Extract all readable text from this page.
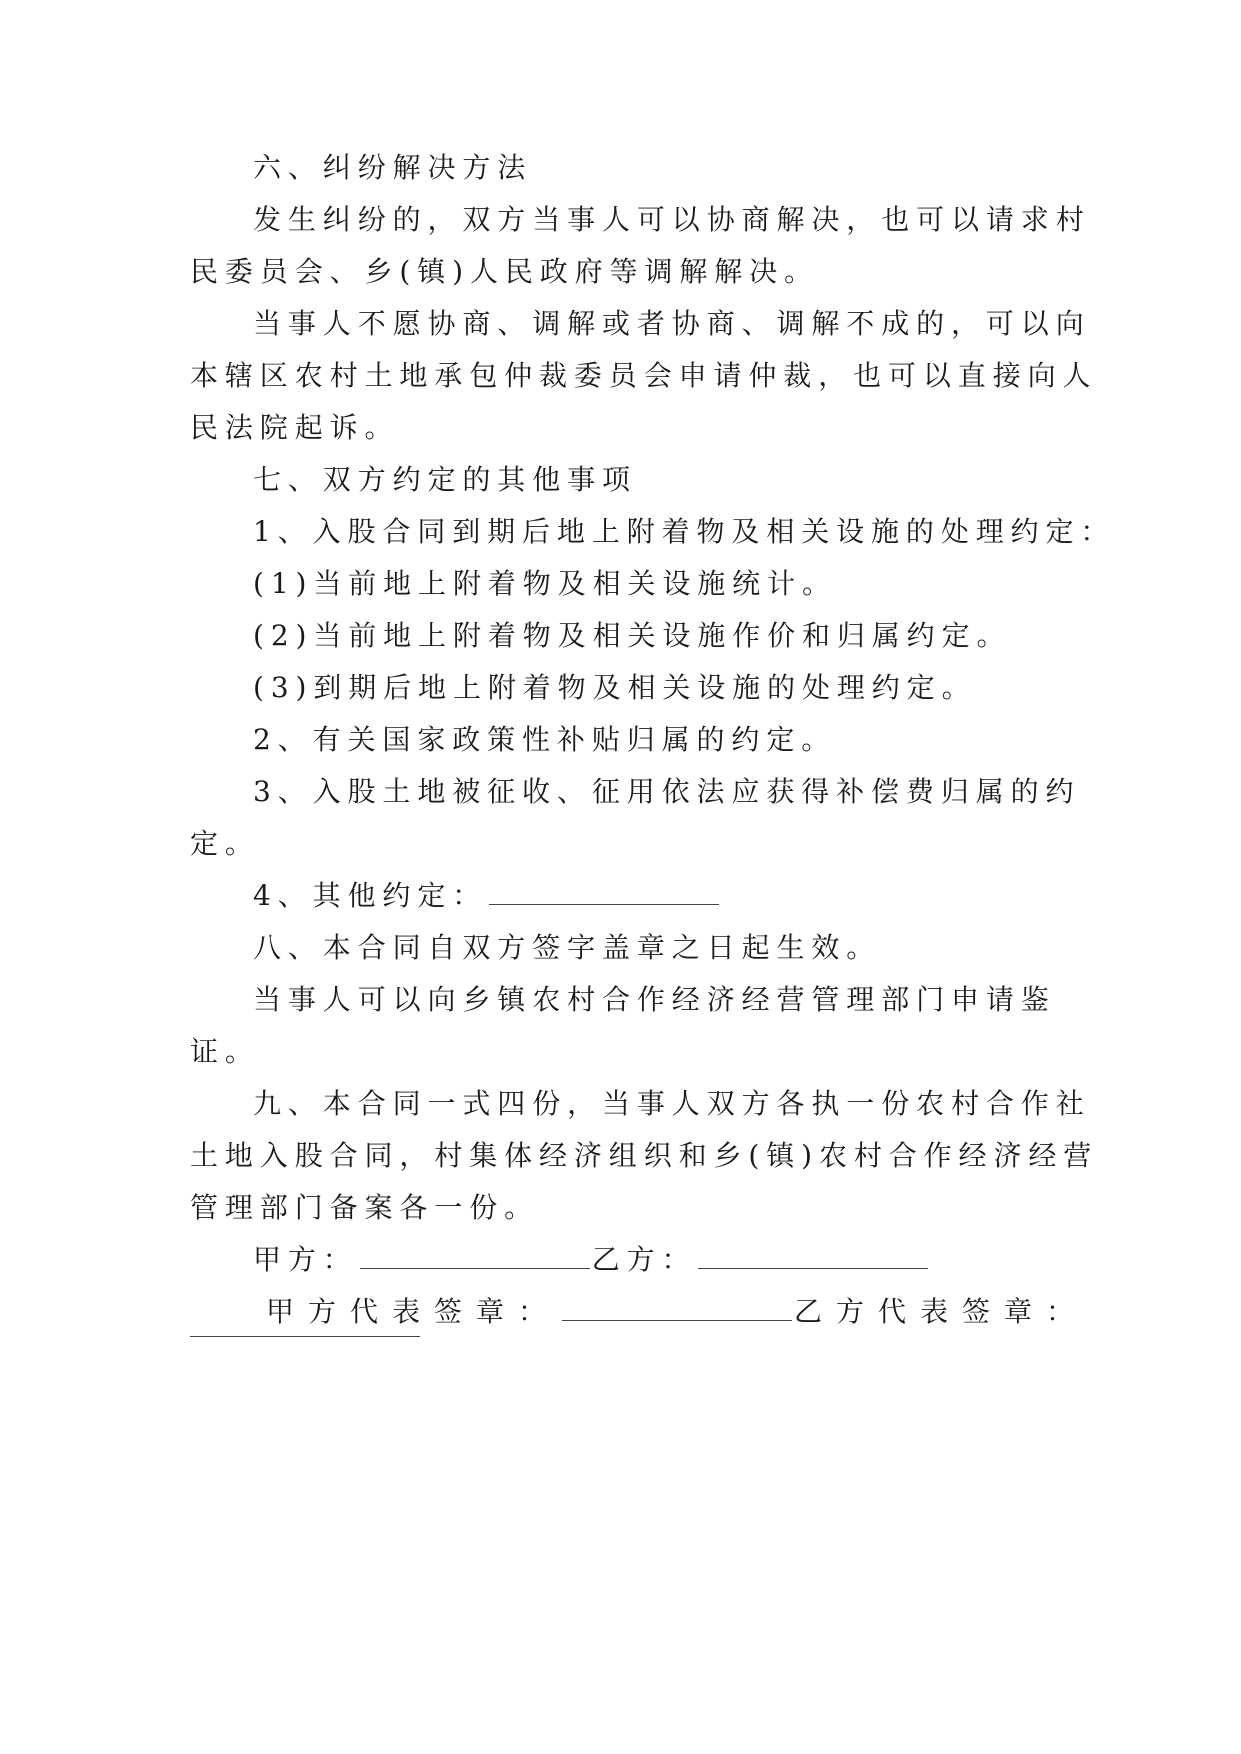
六、纠纷解决方法
发生纠纷的，双方当事人可以协商解决，也可以请求村
民委员会、乡(镇)人民政府等调解解决。
当事人不愿协商、调解或者协商、调解不成的，可以向
本辖区农村土地承包仲裁委员会申请仲裁，也可以直接向人
民法院起诉。
七、双方约定的其他事项
1、入股合同到期后地上附着物及相关设施的处理约定：
(1)当前地上附着物及相关设施统计。
(2)当前地上附着物及相关设施作价和归属约定。
(3)到期后地上附着物及相关设施的处理约定。
2、有关国家政策性补贴归属的约定。
3、入股土地被征收、征用依法应获得补偿费归属的约
定。
4、其他约定：
八、本合同自双方签字盖章之日起生效。
当事人可以向乡镇农村合作经济经营管理部门申请鉴
证。
九、本合同一式四份，当事人双方各执一份农村合作社
土地入股合同，村集体经济组织和乡(镇)农村合作经济经营
管理部门备案各一份。
甲方：	乙方：
甲方代表签章：	乙方代表签章：
